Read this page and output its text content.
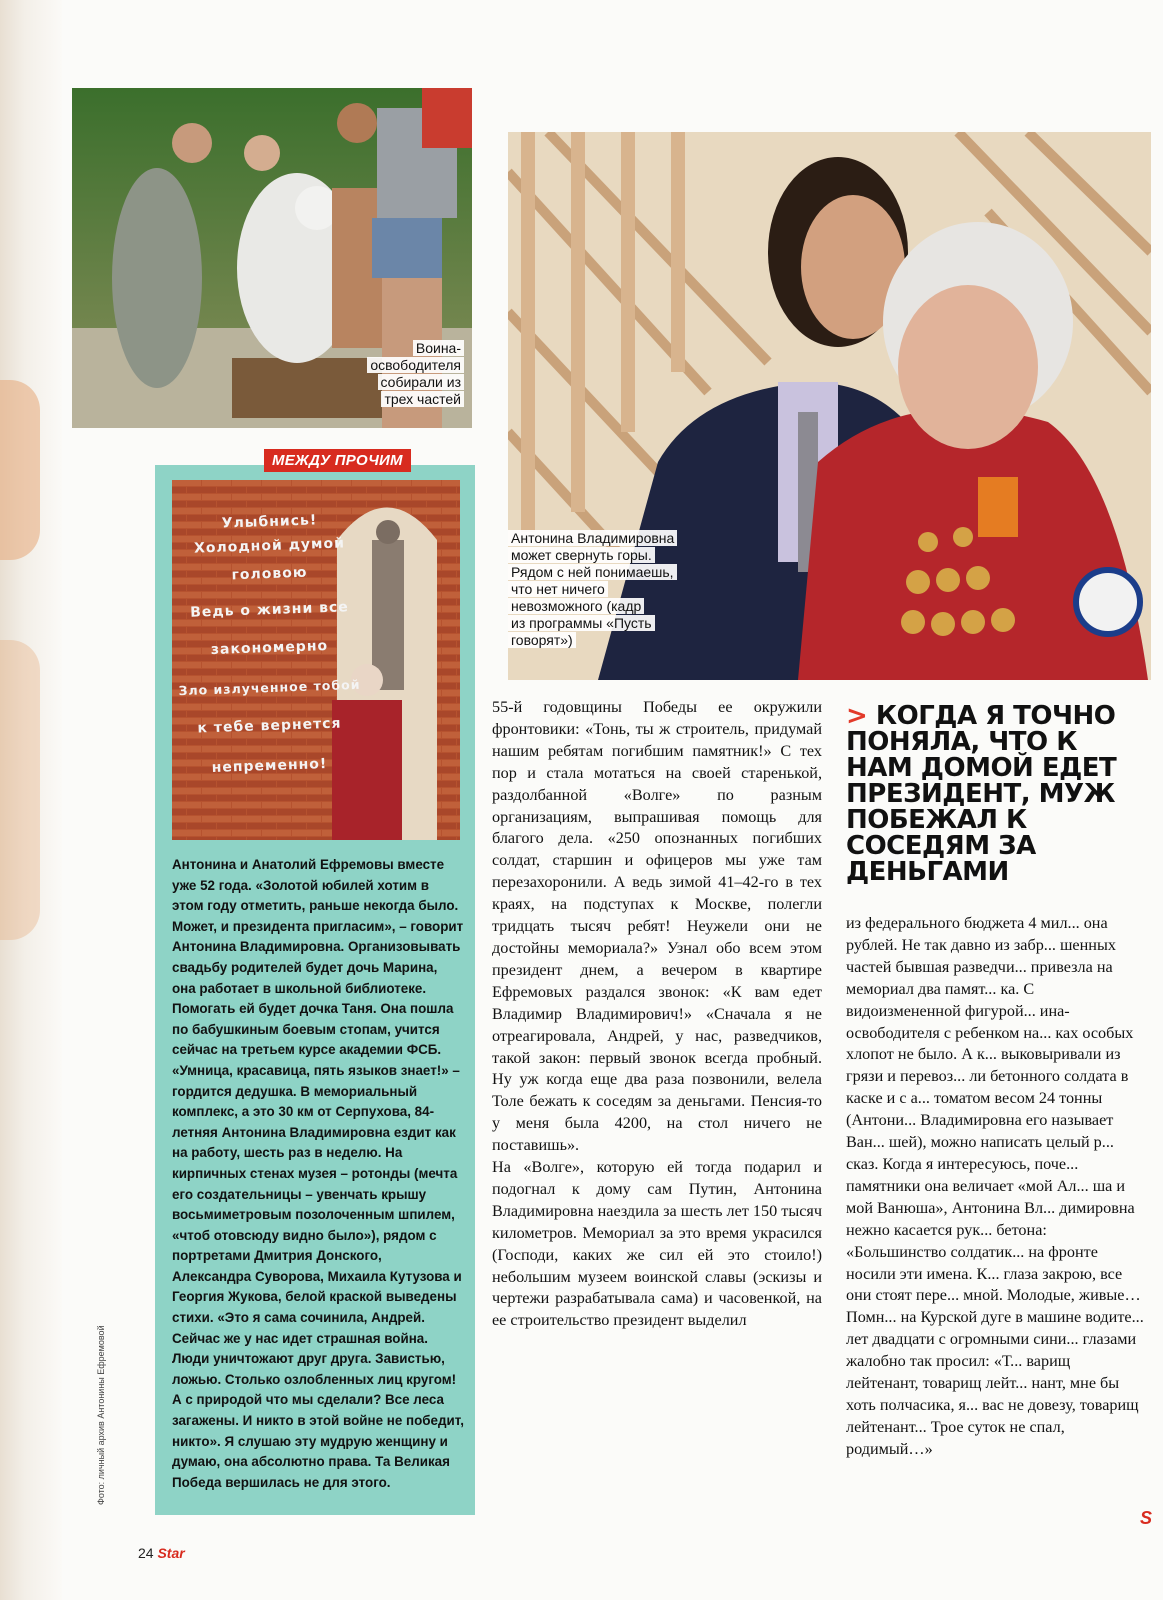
Воина-
освободителя
собирали из
трех частей
МЕЖДУ ПРОЧИМ
Улыбнись!
Холодной думой
головою
Ведь о жизни все
закономерно
Зло излученное тобой
к тебе вернется
непременно!
Антонина и Анатолий Ефремовы вместе уже 52 года. «Золотой юбилей хотим в этом году отметить, раньше некогда было. Может, и президента пригласим», – говорит Антонина Владимировна. Организовывать свадьбу родителей будет дочь Марина, она работает в школьной библиотеке. Помогать ей будет дочка Таня. Она пошла по бабушкиным боевым стопам, учится сейчас на третьем курсе академии ФСБ. «Умница, красавица, пять языков знает!» – гордится дедушка. В мемориальный комплекс, а это 30 км от Серпухова, 84-летняя Антонина Владимировна ездит как на работу, шесть раз в неделю. На кирпичных стенах музея – ротонды (мечта его создательницы – увенчать крышу восьмиметровым позолоченным шпилем, «чтоб отовсюду видно было»), рядом с портретами Дмитрия Донского, Александра Суворова, Михаила Кутузова и Георгия Жукова, белой краской выведены стихи. «Это я сама сочинила, Андрей. Сейчас же у нас идет страшная война. Люди уничтожают друг друга. Завистью, ложью. Столько озлобленных лиц кругом! А с природой что мы сделали? Все леса загажены. И никто в этой войне не победит, никто». Я слушаю эту мудрую женщину и думаю, она абсолютно права. Та Великая Победа вершилась не для этого.
Антонина Владимировна
может свернуть горы.
Рядом с ней понимаешь,
что нет ничего
невозможного (кадр
из программы «Пусть
говорят»)

55-й годовщины Победы ее окружили фронтовики: «Тонь, ты ж строитель, придумай нашим ребятам погибшим памятник!» С тех пор и стала мотаться на своей старенькой, раздолбанной «Волге» по разным организациям, выпрашивая помощь для благого дела. «250 опознанных погибших солдат, старшин и офицеров мы уже там перезахоронили. А ведь зимой 41–42-го в тех краях, на подступах к Москве, полегли тридцать тысяч ребят! Неужели они не достойны мемориала?» Узнал обо всем этом президент днем, а вечером в квартире Ефремовых раздался звонок: «К вам едет Владимир Владимирович!» «Сначала я не отреагировала, Андрей, у нас, разведчиков, такой закон: первый звонок всегда пробный. Ну уж когда еще два раза позвонили, велела Толе бежать к соседям за деньгами. Пенсия-то у меня была 4200, на стол ничего не поставишь».

На «Волге», которую ей тогда подарил и подогнал к дому сам Путин, Антонина Владимировна наездила за шесть лет 150 тысяч километров. Мемориал за это время украсился (Господи, каких же сил ей это стоило!) небольшим музеем воинской славы (эскизы и чертежи разрабатывала сама) и часовенкой, на ее строительство президент выделил

> КОГДА Я ТОЧНО ПОНЯЛА, ЧТО К НАМ ДОМОЙ ЕДЕТ ПРЕЗИДЕНТ, МУЖ ПОБЕЖАЛ К СОСЕДЯМ ЗА ДЕНЬГАМИ

из федерального бюджета 4 мил... она рублей. Не так давно из забр... шенных частей бывшая разведчи... привезла на мемориал два памят... ка. С видоизмененной фигурой... ина-освободителя с ребенком на... ках особых хлопот не было. А к... выковыривали из грязи и перевоз... ли бетонного солдата в каске и с а... томатом весом 24 тонны (Антони... Владимировна его называет Ван... шей), можно написать целый р... сказ. Когда я интересуюсь, поче... памятники она величает «мой Ал... ша и мой Ванюша», Антонина Вл... димировна нежно касается рук... бетона: «Большинство солдатик... на фронте носили эти имена. К... глаза закрою, все они стоят пере... мной. Молодые, живые… Помн... на Курской дуге в машине водите... лет двадцати с огромными сини... глазами жалобно так просил: «Т... варищ лейтенант, товарищ лейт... нант, мне бы хоть полчасика, я... вас не довезу, товарищ лейтенант... Трое суток не спал, родимый…»

S
Фото: личный архив Антонины Ефремовой
24 Star
